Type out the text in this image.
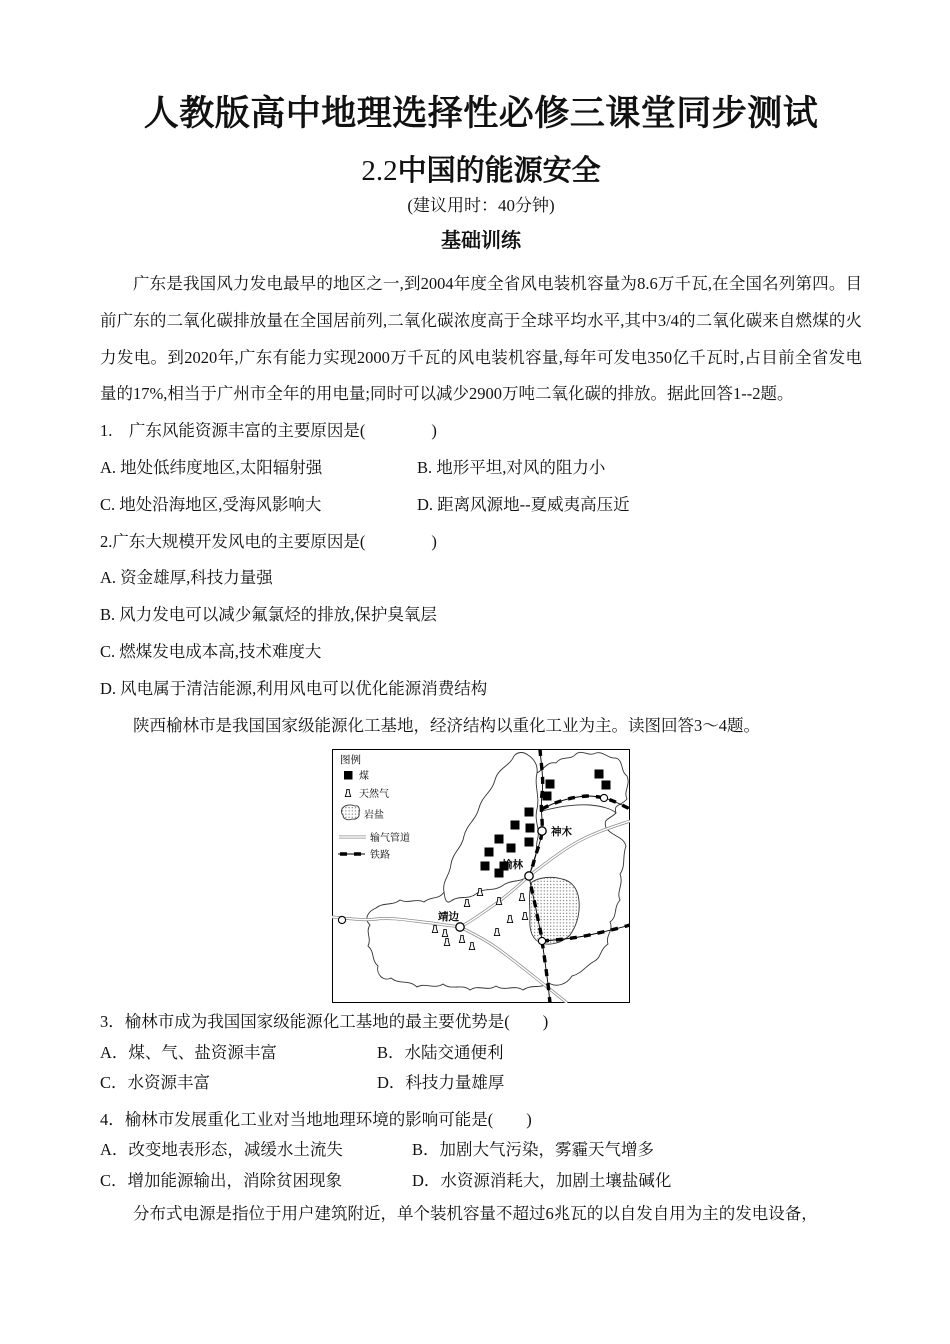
人教版高中地理选择性必修三课堂同步测试
2.2中国的能源安全
(建议用时：40分钟)
基础训练
广东是我国风力发电最早的地区之一,到2004年度全省风电装机容量为8.6万千瓦,在全国名列第四。目前广东的二氧化碳排放量在全国居前列,二氧化碳浓度高于全球平均水平,其中3/4的二氧化碳来自燃煤的火力发电。到2020年,广东有能力实现2000万千瓦的风电装机容量,每年可发电350亿千瓦时,占目前全省发电量的17%,相当于广州市全年的用电量;同时可以减少2900万吨二氧化碳的排放。据此回答1--2题。
1.　广东风能资源丰富的主要原因是(　　　　)
A. 地处低纬度地区,太阳辐射强	B. 地形平坦,对风的阻力小
C. 地处沿海地区,受海风影响大	D. 距离风源地--夏威夷高压近
2.广东大规模开发风电的主要原因是(　　　　)
A. 资金雄厚,科技力量强
B. 风力发电可以减少氟氯烃的排放,保护臭氧层
C. 燃煤发电成本高,技术难度大
D. 风电属于清洁能源,利用风电可以优化能源消费结构
陕西榆林市是我国国家级能源化工基地，经济结构以重化工业为主。读图回答3～4题。
神木
榆林
靖边
图例
煤
天然气
岩盐
输气管道
铁路
3．榆林市成为我国国家级能源化工基地的最主要优势是(　　)
A．煤、气、盐资源丰富	B．水陆交通便利
C．水资源丰富	D．科技力量雄厚
4．榆林市发展重化工业对当地地理环境的影响可能是(　　)
A．改变地表形态，减缓水土流失	B．加剧大气污染，雾霾天气增多
C．增加能源输出，消除贫困现象	D．水资源消耗大，加剧土壤盐碱化
分布式电源是指位于用户建筑附近，单个装机容量不超过6兆瓦的以自发自用为主的发电设备，
